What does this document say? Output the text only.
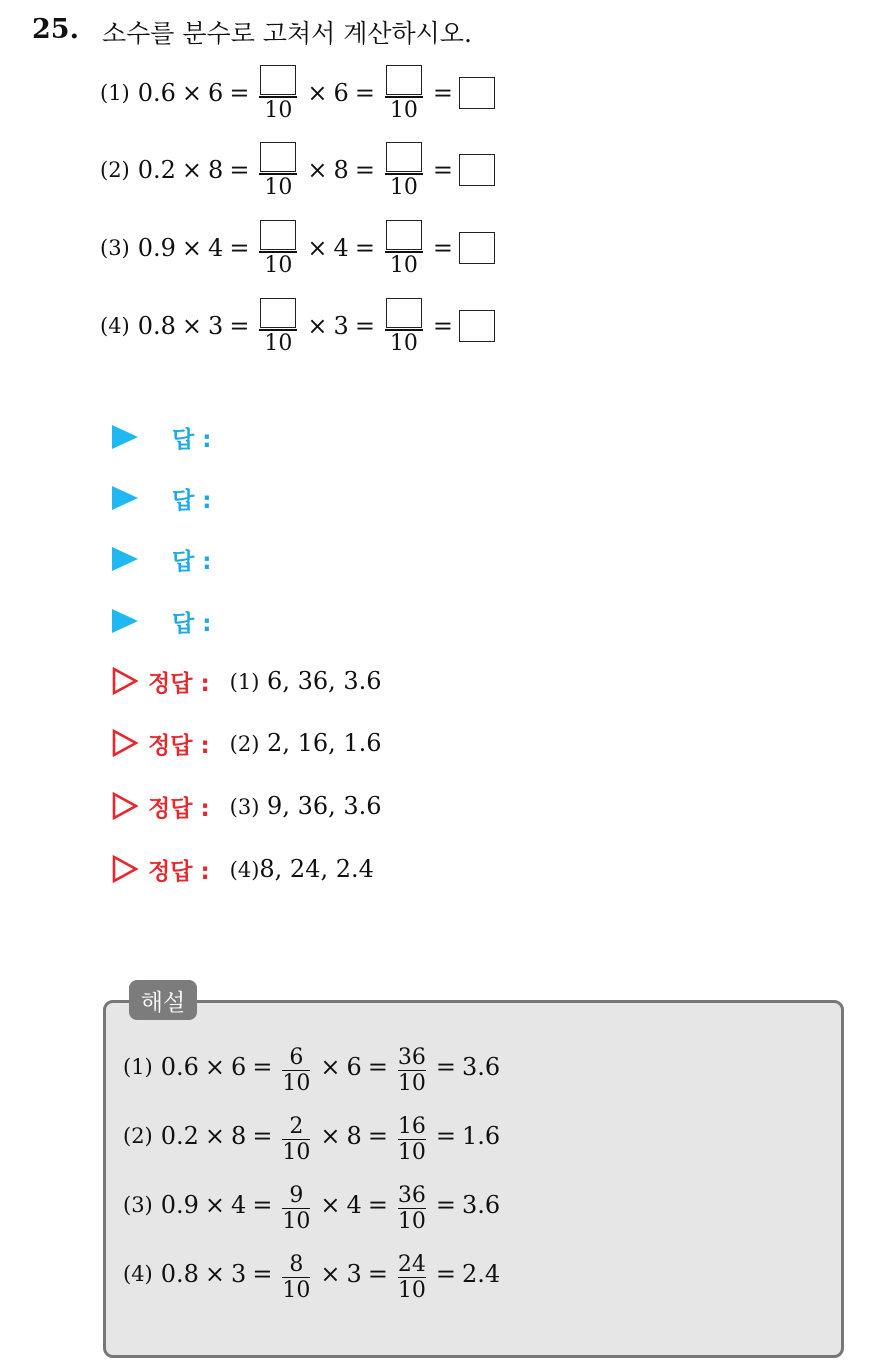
25. 소수를 분수로 고쳐서 계산하시오.
(1) 0.6 × 6 =
10
× 6 =
10
=
(2) 0.2 × 8 =
10
× 8 =
10
=
(3) 0.9 × 4 =
10
× 4 =
10
=
(4) 0.8 × 3 =
10
× 3 =
10
=
답 :
답 :
답 :
답 :
정답 : (1) 6, 36, 3.6
정답 : (2) 2, 16, 1.6
정답 : (3) 9, 36, 3.6
정답 : (4)8, 24, 2.4
해설
(1) $0.6 \times 6 = \frac{6}{10} \times 6 = \frac{36}{10} = 3.6$
(2) $0.2 \times 8 = \frac{2}{10} \times 8 = \frac{16}{10} = 1.6$
(3) $0.9 \times 4 = \frac{9}{10} \times 4 = \frac{36}{10} = 3.6$
(4) $0.8 \times 3 = \frac{8}{10} \times 3 = \frac{24}{10} = 2.4$
